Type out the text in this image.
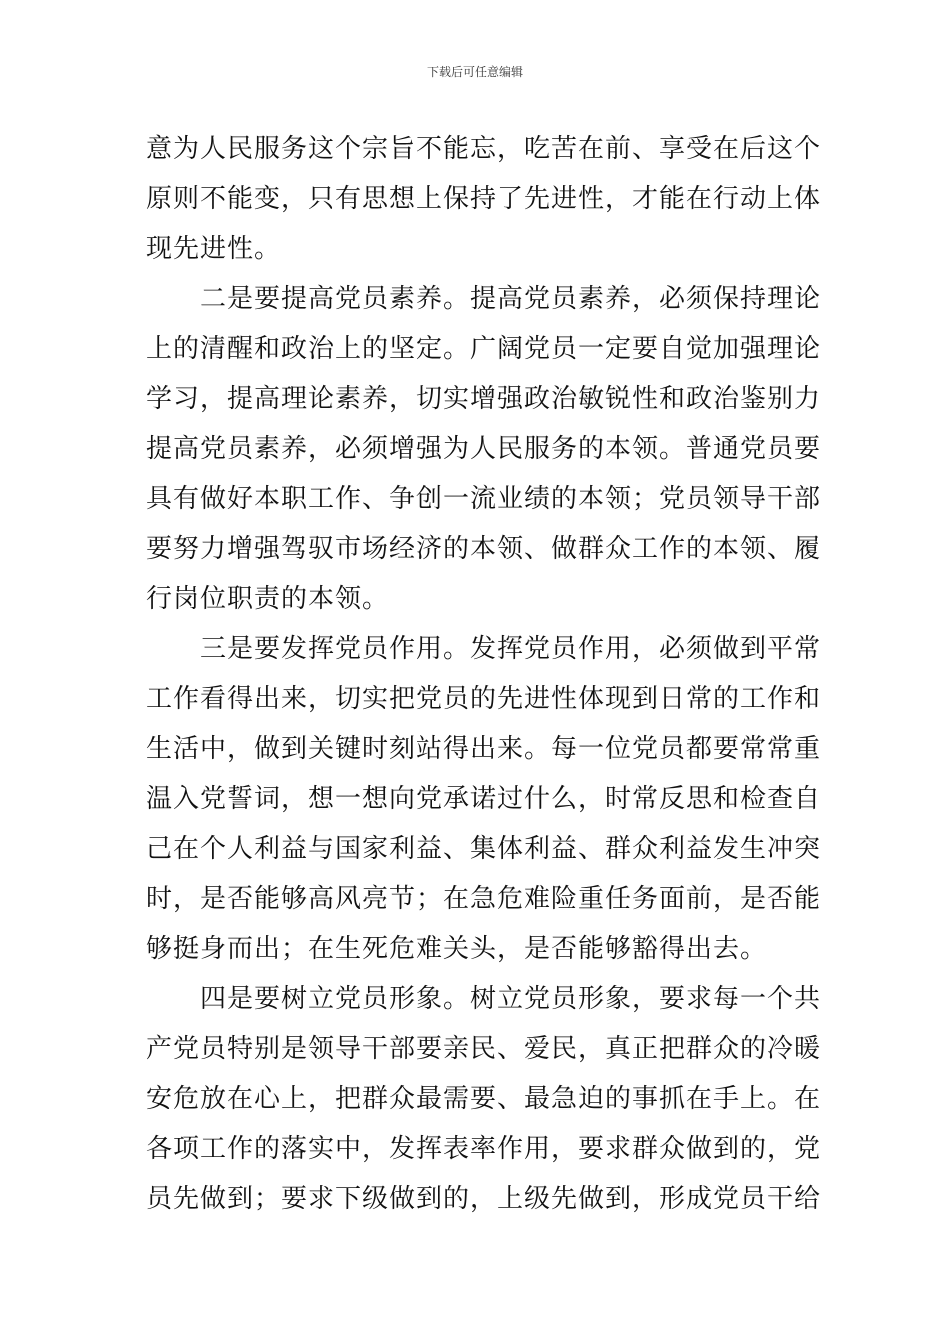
下载后可任意编辑
意为人民服务这个宗旨不能忘，吃苦在前、享受在后这个
原则不能变，只有思想上保持了先进性，才能在行动上体
现先进性。
　　二是要提高党员素养。提高党员素养，必须保持理论
上的清醒和政治上的坚定。广阔党员一定要自觉加强理论
学习，提高理论素养，切实增强政治敏锐性和政治鉴别力
提高党员素养，必须增强为人民服务的本领。普通党员要
具有做好本职工作、争创一流业绩的本领；党员领导干部
要努力增强驾驭市场经济的本领、做群众工作的本领、履
行岗位职责的本领。
　　三是要发挥党员作用。发挥党员作用，必须做到平常
工作看得出来，切实把党员的先进性体现到日常的工作和
生活中，做到关键时刻站得出来。每一位党员都要常常重
温入党誓词，想一想向党承诺过什么，时常反思和检查自
己在个人利益与国家利益、集体利益、群众利益发生冲突
时，是否能够高风亮节；在急危难险重任务面前，是否能
够挺身而出；在生死危难关头，是否能够豁得出去。
　　四是要树立党员形象。树立党员形象，要求每一个共
产党员特别是领导干部要亲民、爱民，真正把群众的冷暖
安危放在心上，把群众最需要、最急迫的事抓在手上。在
各项工作的落实中，发挥表率作用，要求群众做到的，党
员先做到；要求下级做到的，上级先做到，形成党员干给
